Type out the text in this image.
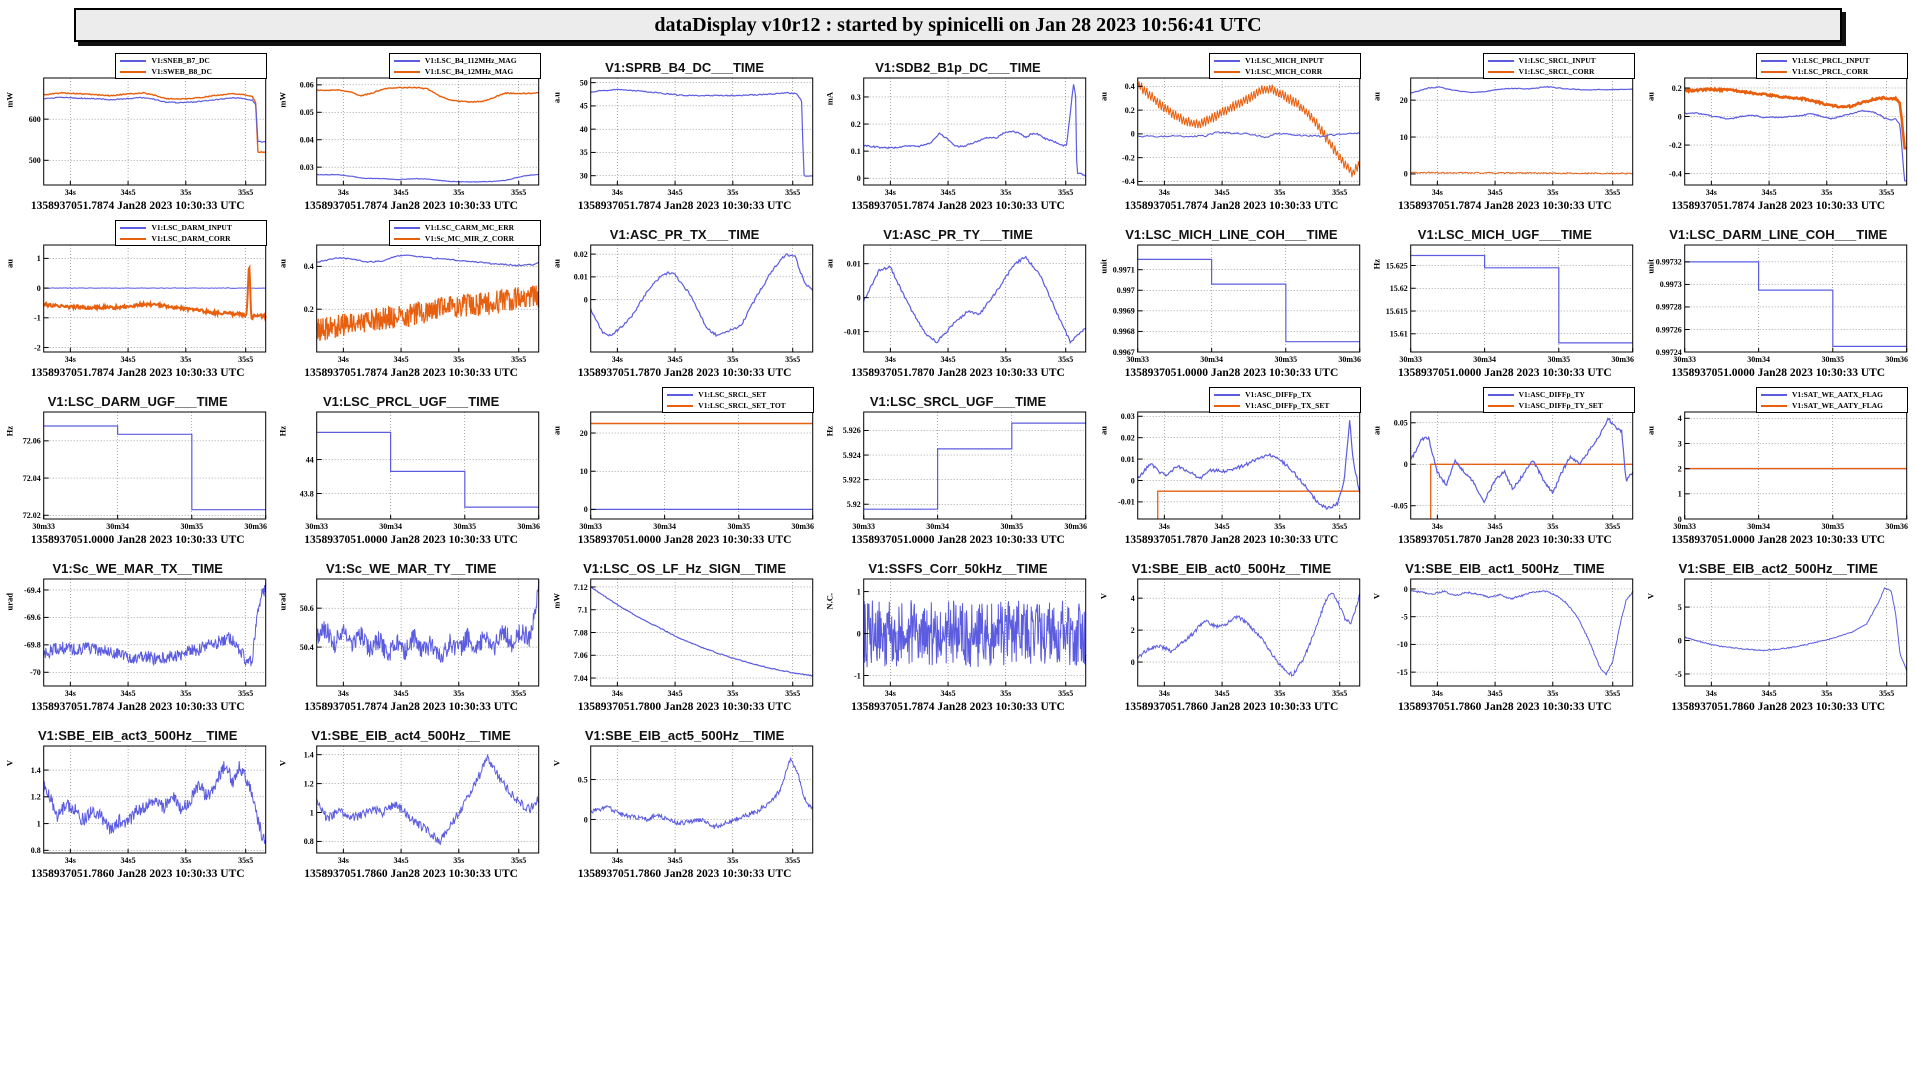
dataDisplay v10r12 : started by spinicelli on Jan 28 2023 10:56:41 UTC
V1:SNEB_B7_DC
V1:SWEB_B8_DC
500
600
mW
34s	34s5	35s	35s5
1358937051.7874 Jan28 2023 10:30:33 UTC
V1:LSC_B4_112MHz_MAG
V1:LSC_B4_12MHz_MAG
0.03
0.04
0.05
0.06
mW
34s	34s5	35s	35s5
1358937051.7874 Jan28 2023 10:30:33 UTC
V1:SPRB_B4_DC___TIME
30
35
40
45
50
a.u
34s	34s5	35s	35s5
1358937051.7874 Jan28 2023 10:30:33 UTC
V1:SDB2_B1p_DC___TIME
0
0.1
0.2
0.3
mA
34s	34s5	35s	35s5
1358937051.7874 Jan28 2023 10:30:33 UTC
V1:LSC_MICH_INPUT
V1:LSC_MICH_CORR
-0.4
-0.2
0
0.2
0.4
au
34s	34s5	35s	35s5
1358937051.7874 Jan28 2023 10:30:33 UTC
V1:LSC_SRCL_INPUT
V1:LSC_SRCL_CORR
0
10
20
au
34s	34s5	35s	35s5
1358937051.7874 Jan28 2023 10:30:33 UTC
V1:LSC_PRCL_INPUT
V1:LSC_PRCL_CORR
-0.4
-0.2
0
0.2
au
34s	34s5	35s	35s5
1358937051.7874 Jan28 2023 10:30:33 UTC
V1:LSC_DARM_INPUT
V1:LSC_DARM_CORR
-2
-1
0
1
au
34s	34s5	35s	35s5
1358937051.7874 Jan28 2023 10:30:33 UTC
V1:LSC_CARM_MC_ERR
V1:Sc_MC_MIR_Z_CORR
0.2
0.4
au
34s	34s5	35s	35s5
1358937051.7874 Jan28 2023 10:30:33 UTC
V1:ASC_PR_TX___TIME
0
0.01
0.02
au
34s	34s5	35s	35s5
1358937051.7870 Jan28 2023 10:30:33 UTC
V1:ASC_PR_TY___TIME
-0.01
0
0.01
au
34s	34s5	35s	35s5
1358937051.7870 Jan28 2023 10:30:33 UTC
V1:LSC_MICH_LINE_COH___TIME
0.9967
0.9968
0.9969
0.997
0.9971
unit
30m33	30m34	30m35	30m36
1358937051.0000 Jan28 2023 10:30:33 UTC
V1:LSC_MICH_UGF___TIME
15.61
15.615
15.62
15.625
Hz
30m33	30m34	30m35	30m36
1358937051.0000 Jan28 2023 10:30:33 UTC
V1:LSC_DARM_LINE_COH___TIME
0.99724
0.99726
0.99728
0.9973
0.99732
unit
30m33	30m34	30m35	30m36
1358937051.0000 Jan28 2023 10:30:33 UTC
V1:LSC_DARM_UGF___TIME
72.02
72.04
72.06
Hz
30m33	30m34	30m35	30m36
1358937051.0000 Jan28 2023 10:30:33 UTC
V1:LSC_PRCL_UGF___TIME
43.8
44
Hz
30m33	30m34	30m35	30m36
1358937051.0000 Jan28 2023 10:30:33 UTC
V1:LSC_SRCL_SET
V1:LSC_SRCL_SET_TOT
0
10
20
au
30m33	30m34	30m35	30m36
1358937051.0000 Jan28 2023 10:30:33 UTC
V1:LSC_SRCL_UGF___TIME
5.92
5.922
5.924
5.926
Hz
30m33	30m34	30m35	30m36
1358937051.0000 Jan28 2023 10:30:33 UTC
V1:ASC_DIFFp_TX
V1:ASC_DIFFp_TX_SET
-0.01
0
0.01
0.02
0.03
au
34s	34s5	35s	35s5
1358937051.7870 Jan28 2023 10:30:33 UTC
V1:ASC_DIFFp_TY
V1:ASC_DIFFp_TY_SET
-0.05
0
0.05
au
34s	34s5	35s	35s5
1358937051.7870 Jan28 2023 10:30:33 UTC
V1:SAT_WE_AATX_FLAG
V1:SAT_WE_AATY_FLAG
0
1
2
3
4
au
30m33	30m34	30m35	30m36
1358937051.0000 Jan28 2023 10:30:33 UTC
V1:Sc_WE_MAR_TX__TIME
-70
-69.8
-69.6
-69.4
urad
34s	34s5	35s	35s5
1358937051.7874 Jan28 2023 10:30:33 UTC
V1:Sc_WE_MAR_TY__TIME
50.4
50.6
urad
34s	34s5	35s	35s5
1358937051.7874 Jan28 2023 10:30:33 UTC
V1:LSC_OS_LF_Hz_SIGN__TIME
7.04
7.06
7.08
7.1
7.12
mW
34s	34s5	35s	35s5
1358937051.7800 Jan28 2023 10:30:33 UTC
V1:SSFS_Corr_50kHz__TIME
-1
0
1
N.C.
34s	34s5	35s	35s5
1358937051.7874 Jan28 2023 10:30:33 UTC
V1:SBE_EIB_act0_500Hz__TIME
0
2
4
V
34s	34s5	35s	35s5
1358937051.7860 Jan28 2023 10:30:33 UTC
V1:SBE_EIB_act1_500Hz__TIME
-15
-10
-5
0
V
34s	34s5	35s	35s5
1358937051.7860 Jan28 2023 10:30:33 UTC
V1:SBE_EIB_act2_500Hz__TIME
-5
0
5
V
34s	34s5	35s	35s5
1358937051.7860 Jan28 2023 10:30:33 UTC
V1:SBE_EIB_act3_500Hz__TIME
0.8
1
1.2
1.4
V
34s	34s5	35s	35s5
1358937051.7860 Jan28 2023 10:30:33 UTC
V1:SBE_EIB_act4_500Hz__TIME
0.8
1
1.2
1.4
V
34s	34s5	35s	35s5
1358937051.7860 Jan28 2023 10:30:33 UTC
V1:SBE_EIB_act5_500Hz__TIME
0
0.5
V
34s	34s5	35s	35s5
1358937051.7860 Jan28 2023 10:30:33 UTC
